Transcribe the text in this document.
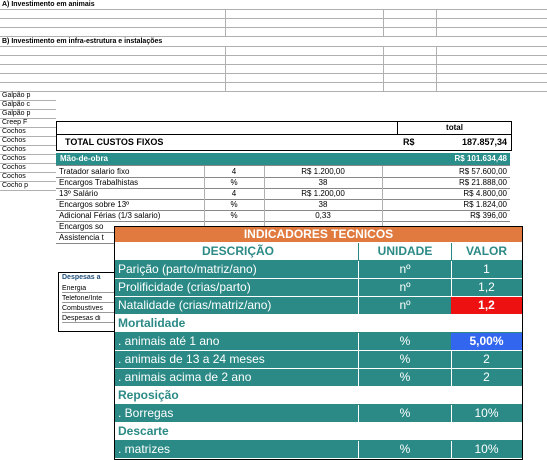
A) Investimento em animais
B) Investimento em infra-estrutura e instalações
Galpão p
Galpão c
Galpão p
Creep F
Cochos
Cochos
Cochos
Cochos
Cochos
Cochos
Cocho p
total
TOTAL CUSTOS FIXOS	R$	187.857,34
Mão-de-obra	R$ 101.634,48
Tratador salario fixo	4	R$ 1.200,00	R$ 57.600,00
Encargos Trabalhistas	%	38	R$ 21.888,00
13º Salário	4	R$ 1.200,00	R$ 4.800,00
Encargos sobre 13º	%	38	R$ 1.824,00
Adicional Férias (1/3 salario)	%	0,33	R$ 396,00
Encargos so
Assistencia t
Despesas a
Energia
Telefone/Inte
Combustíves
Despesas di
INDICADORES TECNICOS
DESCRIÇÃO	UNIDADE	VALOR
Parição (parto/matriz/ano)	nº	1
Prolificidade (crias/parto)	nº	1,2
Natalidade (crias/matriz/ano)	nº	1,2
Mortalidade
. animais até 1 ano	%	5,00%
. animais de 13 a 24 meses	%	2
. animais acima de 2 ano	%	2
Reposição
. Borregas	%	10%
Descarte
. matrizes	%	10%
